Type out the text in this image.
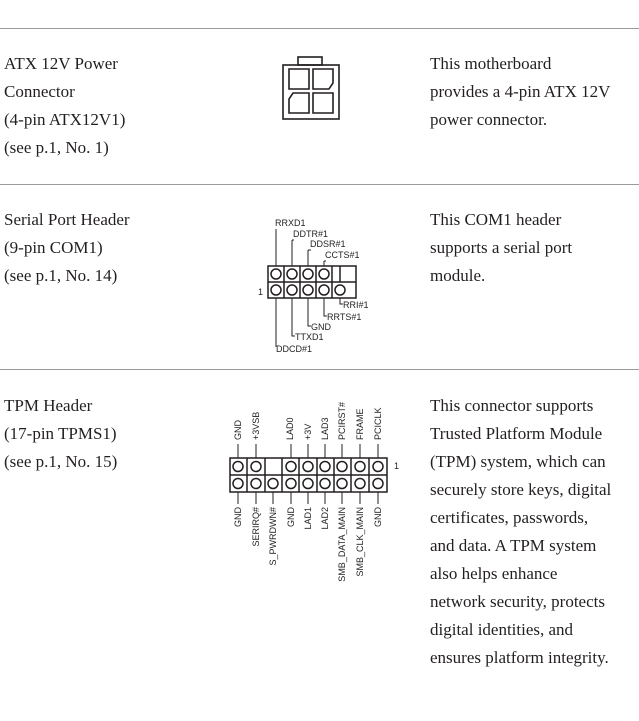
ATX 12V Power
Connector
(4-pin ATX12V1)
(see p.1, No. 1)
This motherboard
provides a 4-pin ATX 12V
power connector.
Serial Port Header
(9-pin COM1)
(see p.1, No. 14)
RRXD1
DDTR#1
DDSR#1
CCTS#1
1
RRI#1
RRTS#1
GND
TTXD1
DDCD#1
This COM1 header
supports a serial port
module.
TPM Header
(17-pin TPMS1)
(see p.1, No. 15)
GND +3VSB	LAD0 +3V LAD3 PCIRST# FRAME PCICLK
1
GND SERIRQ# S_PWRDWN# GND LAD1 LAD2 SMB_DATA_MAIN SMB_CLK_MAIN GND
This connector supports
Trusted Platform Module
(TPM) system, which can
securely store keys, digital
certificates, passwords,
and data. A TPM system
also helps enhance
network security, protects
digital identities, and
ensures platform integrity.
